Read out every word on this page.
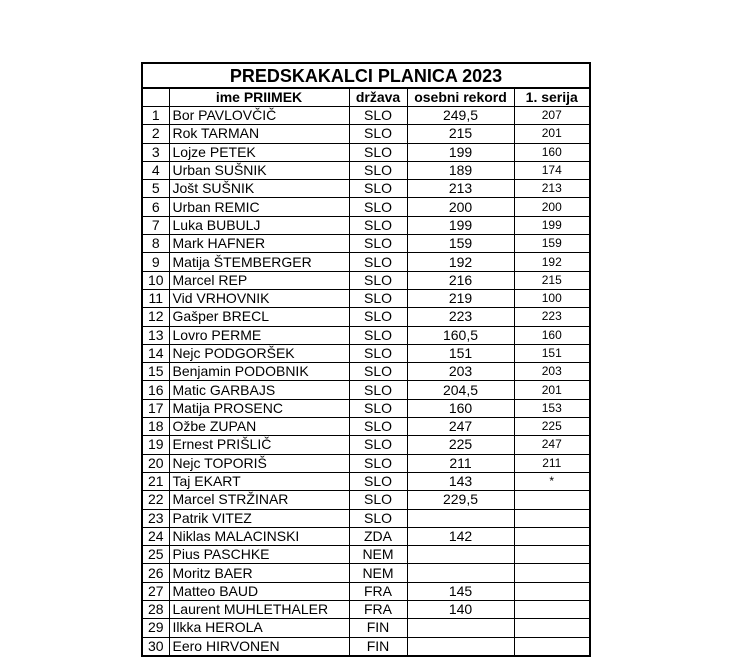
PREDSKAKALCI PLANICA 2023				
	ime PRIIMEK	država	osebni rekord	1. serija
1	Bor PAVLOVČIČ	SLO	249,5	207
2	Rok TARMAN	SLO	215	201
3	Lojze PETEK	SLO	199	160
4	Urban SUŠNIK	SLO	189	174
5	Jošt SUŠNIK	SLO	213	213
6	Urban REMIC	SLO	200	200
7	Luka BUBULJ	SLO	199	199
8	Mark HAFNER	SLO	159	159
9	Matija ŠTEMBERGER	SLO	192	192
10	Marcel REP	SLO	216	215
11	Vid VRHOVNIK	SLO	219	100
12	Gašper BRECL	SLO	223	223
13	Lovro PERME	SLO	160,5	160
14	Nejc PODGORŠEK	SLO	151	151
15	Benjamin PODOBNIK	SLO	203	203
16	Matic GARBAJS	SLO	204,5	201
17	Matija PROSENC	SLO	160	153
18	Ožbe ZUPAN	SLO	247	225
19	Ernest PRIŠLIČ	SLO	225	247
20	Nejc TOPORIŠ	SLO	211	211
21	Taj EKART	SLO	143	*
22	Marcel STRŽINAR	SLO	229,5	
23	Patrik VITEZ	SLO		
24	Niklas MALACINSKI	ZDA	142	
25	Pius PASCHKE	NEM		
26	Moritz BAER	NEM		
27	Matteo BAUD	FRA	145	
28	Laurent MUHLETHALER	FRA	140	
29	Ilkka HEROLA	FIN		
30	Eero HIRVONEN	FIN		
